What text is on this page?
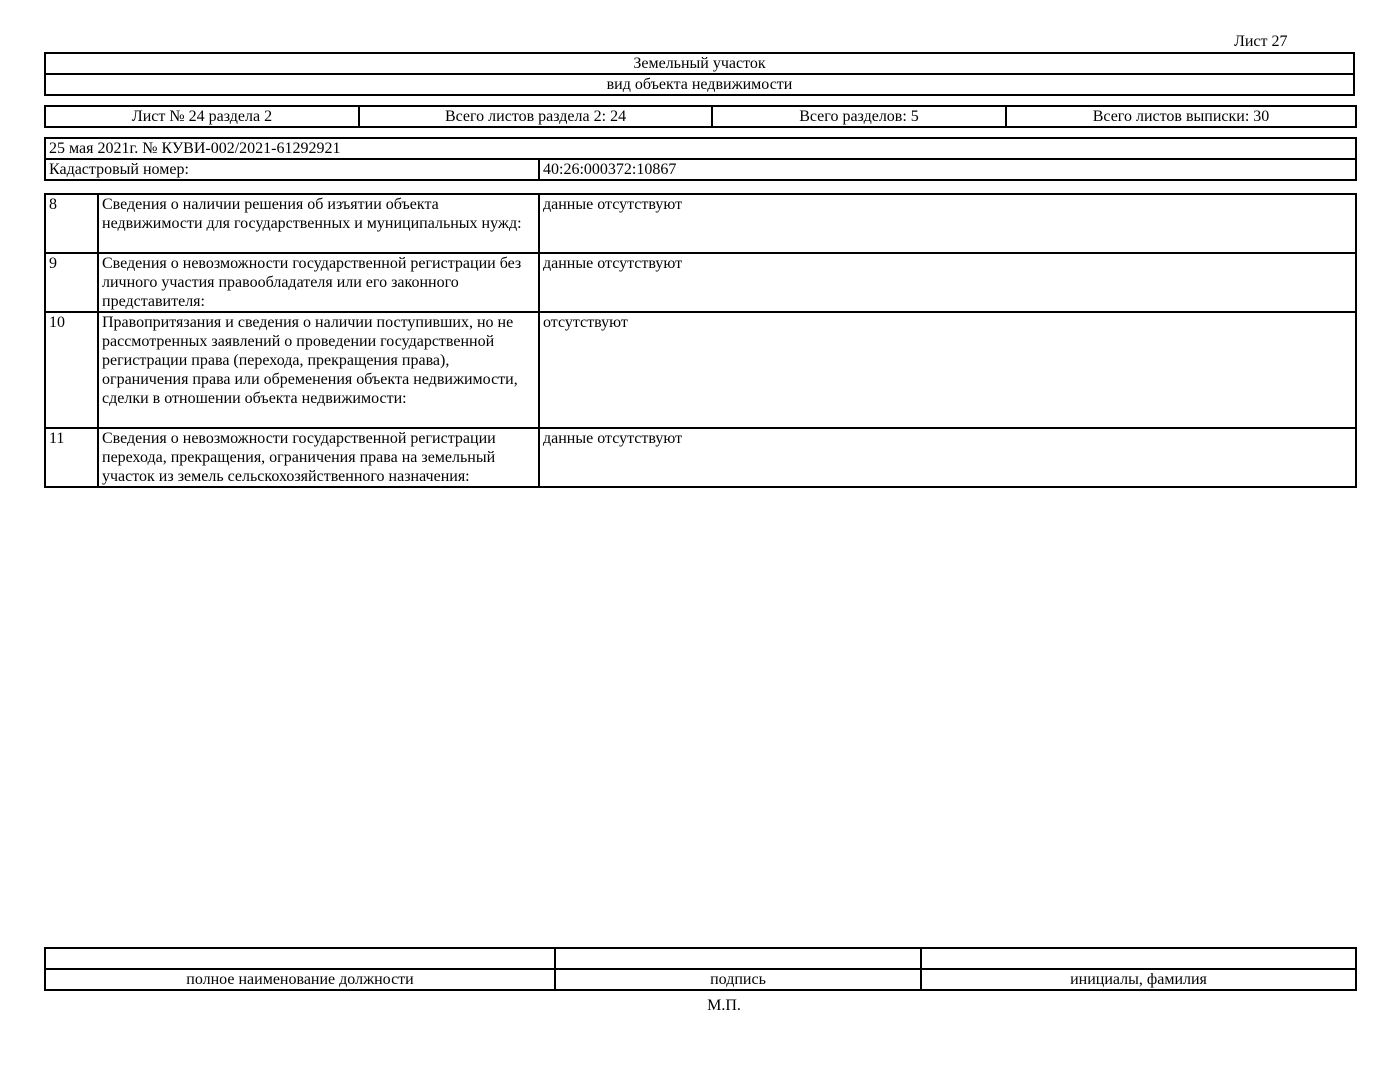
Лист 27
Земельный участок
вид объекта недвижимости
Лист № 24 раздела 2	Всего листов раздела 2: 24	Всего разделов: 5	Всего листов выписки: 30
25 мая 2021г. № КУВИ-002/2021-61292921
Кадастровый номер:	40:26:000372:10867
8	Сведения о наличии решения об изъятии объекта недвижимости для государственных и муниципальных нужд:	данные отсутствуют
9	Сведения о невозможности государственной регистрации без личного участия правообладателя или его законного представителя:	данные отсутствуют
10	Правопритязания и сведения о наличии поступивших, но не рассмотренных заявлений о проведении государственной регистрации права (перехода, прекращения права), ограничения права или обременения объекта недвижимости, сделки в отношении объекта недвижимости:	отсутствуют
11	Сведения о невозможности государственной регистрации перехода, прекращения, ограничения права на земельный участок из земель сельскохозяйственного назначения:	данные отсутствуют

полное наименование должности	подпись	инициалы, фамилия
М.П.
